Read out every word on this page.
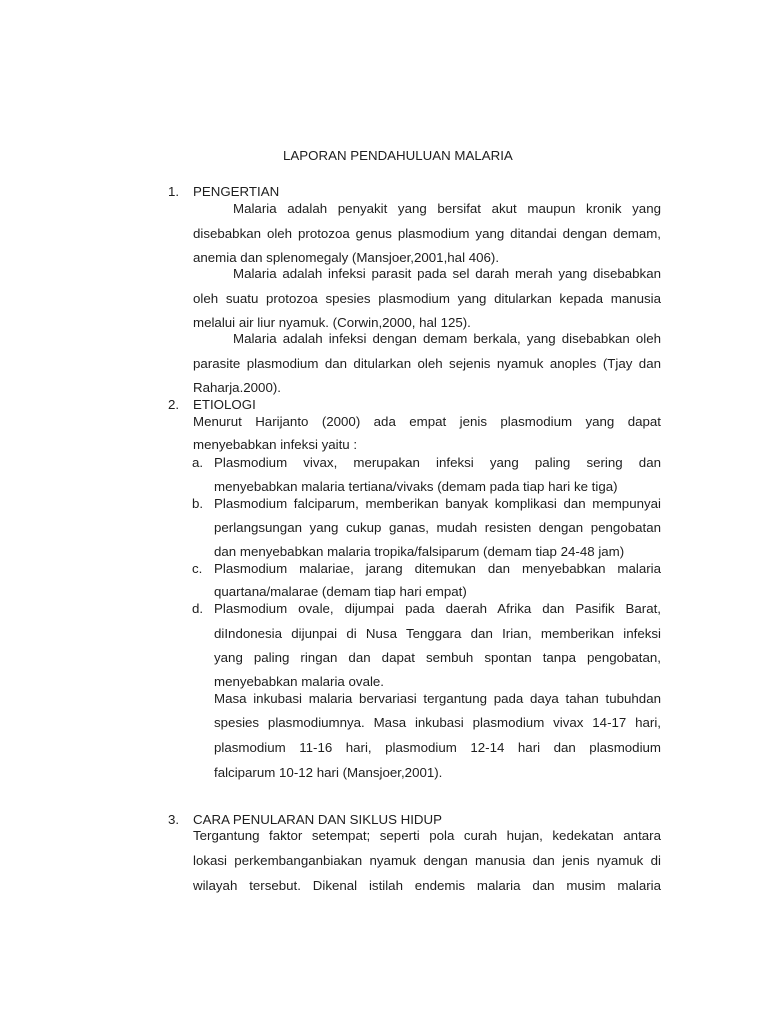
LAPORAN PENDAHULUAN MALARIA
1. PENGERTIAN
Malaria adalah penyakit yang bersifat akut maupun kronik yang
disebabkan oleh protozoa genus plasmodium yang ditandai dengan demam,
anemia dan splenomegaly (Mansjoer,2001,hal 406).
Malaria adalah infeksi parasit pada sel darah merah yang disebabkan
oleh suatu protozoa spesies plasmodium yang ditularkan kepada manusia
melalui air liur nyamuk. (Corwin,2000, hal 125).
Malaria adalah infeksi dengan demam berkala, yang disebabkan oleh
parasite plasmodium dan ditularkan oleh sejenis nyamuk anoples (Tjay dan
Raharja.2000).
2. ETIOLOGI
Menurut Harijanto (2000) ada empat jenis plasmodium yang dapat
menyebabkan infeksi yaitu :
a. Plasmodium vivax, merupakan infeksi yang paling sering dan
menyebabkan malaria tertiana/vivaks (demam pada tiap hari ke tiga)
b. Plasmodium falciparum, memberikan banyak komplikasi dan mempunyai
perlangsungan yang cukup ganas, mudah resisten dengan pengobatan
dan menyebabkan malaria tropika/falsiparum (demam tiap 24-48 jam)
c. Plasmodium malariae, jarang ditemukan dan menyebabkan malaria
quartana/malarae (demam tiap hari empat)
d. Plasmodium ovale, dijumpai pada daerah Afrika dan Pasifik Barat,
diIndonesia dijunpai di Nusa Tenggara dan Irian, memberikan infeksi
yang paling ringan dan dapat sembuh spontan tanpa pengobatan,
menyebabkan malaria ovale.
Masa inkubasi malaria bervariasi tergantung pada daya tahan tubuhdan
spesies plasmodiumnya. Masa inkubasi plasmodium vivax 14-17 hari,
plasmodium 11-16 hari, plasmodium 12-14 hari dan plasmodium
falciparum 10-12 hari (Mansjoer,2001).
3. CARA PENULARAN DAN SIKLUS HIDUP
Tergantung faktor setempat; seperti pola curah hujan, kedekatan antara
lokasi perkembanganbiakan nyamuk dengan manusia dan jenis nyamuk di
wilayah tersebut. Dikenal istilah endemis malaria dan musim malaria
